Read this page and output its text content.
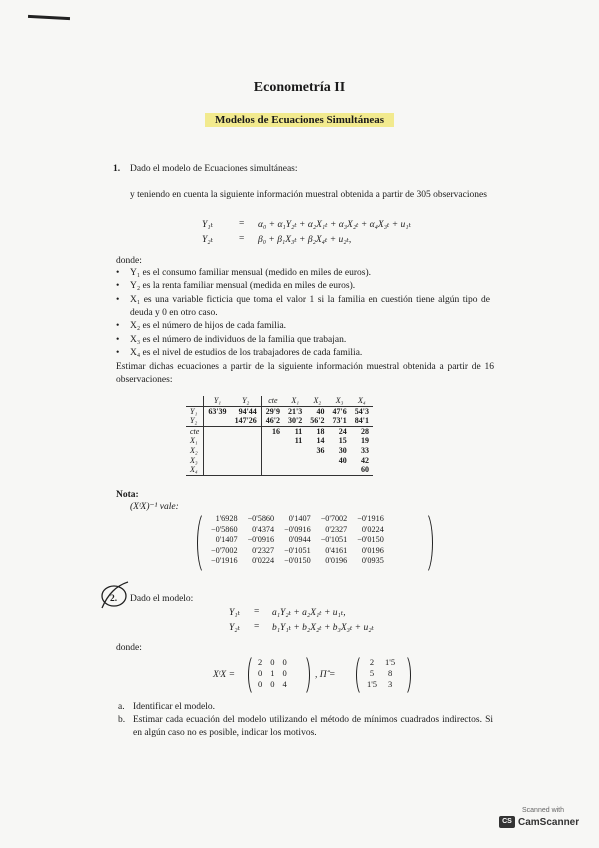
Econometría II
Modelos de Ecuaciones Simultáneas
1. Dado el modelo de Ecuaciones simultáneas:
y teniendo en cuenta la siguiente información muestral obtenida a partir de 305 observaciones
Y₁ₜ	= α₀ + α₁Y₂ₜ + α₂X₁ₜ + α₃X₂ₜ + α₄X₃ₜ + u₁ₜ
Y₂ₜ	= β₀ + β₁X₃ₜ + β₂X₄ₜ + u₂ₜ,
donde:
• Y₁ es el consumo familiar mensual (medido en miles de euros).
• Y₂ es la renta familiar mensual (medida en miles de euros).
• X₁ es una variable ficticia que toma el valor 1 si la familia en cuestión tiene algún tipo de deuda y 0 en otro caso.
• X₂ es el número de hijos de cada familia.
• X₃ es el número de individuos de la familia que trabajan.
• X₄ es el nivel de estudios de los trabajadores de cada familia.
Estimar dichas ecuaciones a partir de la siguiente información muestral obtenida a partir de 16 observaciones:
	Y₁	Y₂	cte	X₁	X₂	X₃	X₄
Y₁	63'39	94'44	29'9	21'3	40	47'6	54'3
Y₂		147'26	46'2	30'2	56'2	73'1	84'1
cte			16	11	18	24	28
X₁				11	14	15	19
X₂					36	30	33
X₃						40	42
X₄							60
Nota:
(XᵗX)⁻¹ vale:
1'6928	−0'5860	0'1407	−0'7002	−0'1916
−0'5860	0'4374	−0'0916	0'2327	0'0224
0'1407	−0'0916	0'0944	−0'1051	−0'0150
−0'7002	0'2327	−0'1051	0'4161	0'0196
−0'1916	0'0224	−0'0150	0'0196	0'0935
2. Dado el modelo:
Y₁ₜ = a₁Y₂ₜ + a₂X₁ₜ + u₁ₜ,
Y₂ₜ = b₁Y₁ₜ + b₂X₂ₜ + b₃X₃ₜ + u₂ₜ
donde:
XᵗX =
2	0	0
0	1	0
0	0	4
, Π̂ =
2	1'5
5	8
1'5	3
a. Identificar el modelo.
b. Estimar cada ecuación del modelo utilizando el método de mínimos cuadrados indirectos. Si en algún caso no es posible, indicar los motivos.
Scanned with
CS CamScanner
